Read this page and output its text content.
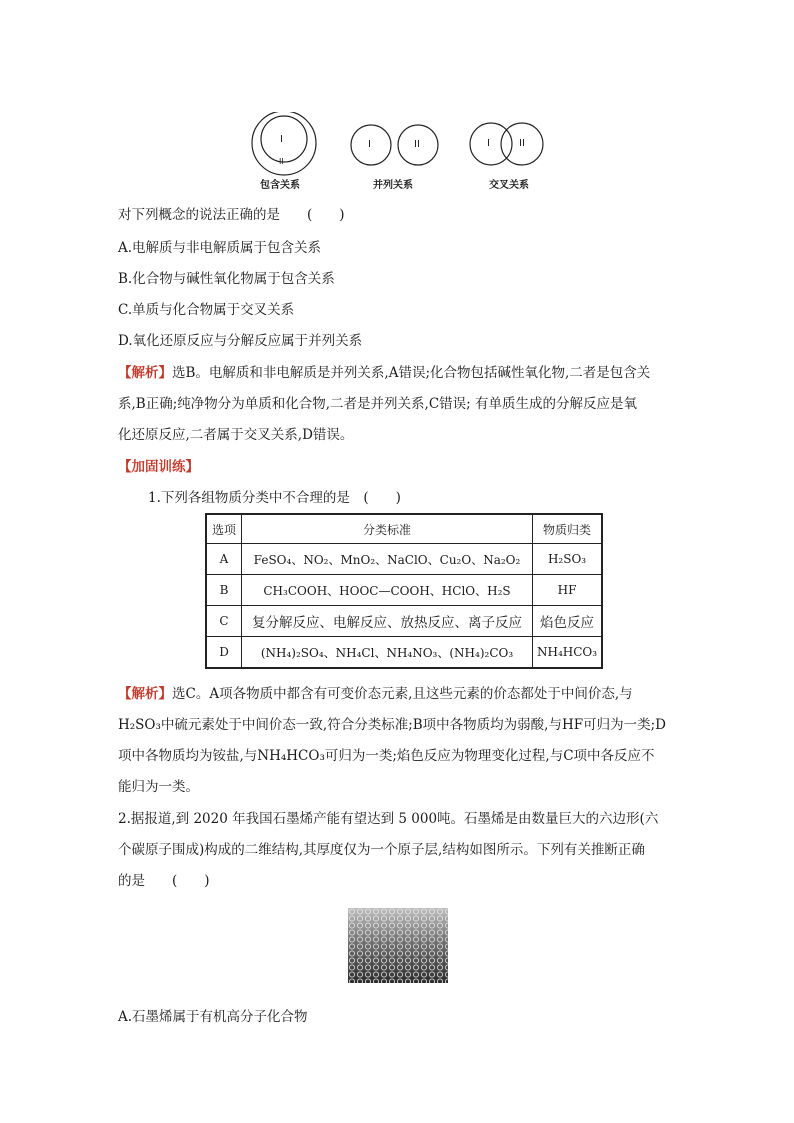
I
II
I	II	I	II
包含关系	并列关系	交叉关系
对下列概念的说法正确的是　　(　　)
A.电解质与非电解质属于包含关系
B.化合物与碱性氧化物属于包含关系
C.单质与化合物属于交叉关系
D.氧化还原反应与分解反应属于并列关系
【解析】选B。电解质和非电解质是并列关系,A错误;化合物包括碱性氧化物,二者是包含关
系,B正确;纯净物分为单质和化合物,二者是并列关系,C错误; 有单质生成的分解反应是氧
化还原反应,二者属于交叉关系,D错误。
【加固训练】
1.下列各组物质分类中不合理的是　(　　)
选项	分类标准	物质归类
A	FeSO₄、NO₂、MnO₂、NaClO、Cu₂O、Na₂O₂	H₂SO₃
B	CH₃COOH、HOOC—COOH、HClO、H₂S	HF
C	复分解反应、电解反应、放热反应、离子反应	焰色反应
D	(NH₄)₂SO₄、NH₄Cl、NH₄NO₃、(NH₄)₂CO₃	NH₄HCO₃
【解析】选C。A项各物质中都含有可变价态元素,且这些元素的价态都处于中间价态,与
H₂SO₃中硫元素处于中间价态一致,符合分类标准;B项中各物质均为弱酸,与HF可归为一类;D
项中各物质均为铵盐,与NH₄HCO₃可归为一类;焰色反应为物理变化过程,与C项中各反应不
能归为一类。
2.据报道,到 2020 年我国石墨烯产能有望达到 5 000吨。石墨烯是由数量巨大的六边形(六
个碳原子围成)构成的二维结构,其厚度仅为一个原子层,结构如图所示。下列有关推断正确
的是　　(　　)
A.石墨烯属于有机高分子化合物
